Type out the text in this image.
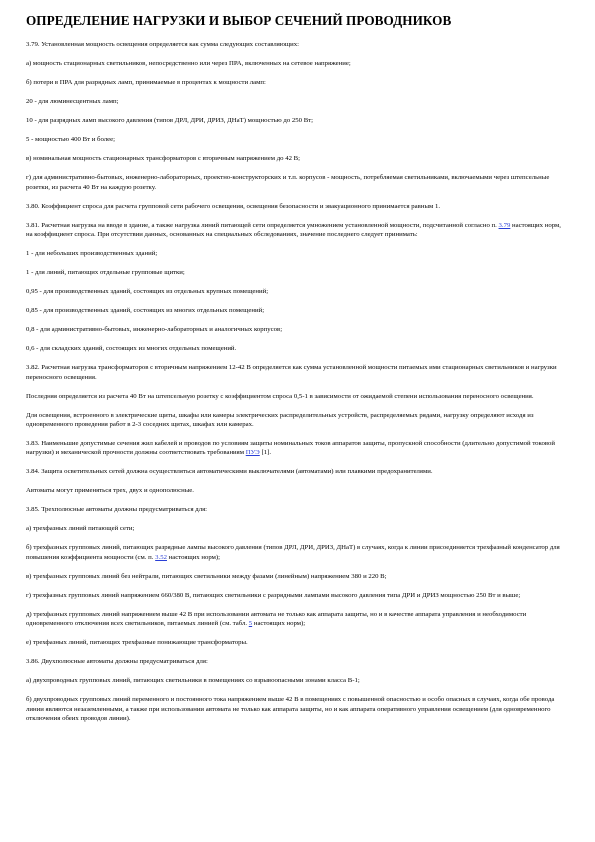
ОПРЕДЕЛЕНИЕ НАГРУЗКИ И ВЫБОР СЕЧЕНИЙ ПРОВОДНИКОВ

3.79. Установленная мощность освещения определяется как сумма следующих составляющих:

а) мощность стационарных светильников, непосредственно или через ПРА, включенных на сетевое напряжение;

б) потери в ПРА для разрядных ламп, принимаемые в процентах к мощности ламп:

20 - для люминесцентных ламп;

10 - для разрядных ламп высокого давления (типов ДРЛ, ДРИ, ДРИЗ, ДНаТ) мощностью до 250 Вт;

5 - мощностью 400 Вт и более;

в) номинальная мощность стационарных трансформаторов с вторичным напряжением до 42 В;

г) для административно-бытовых, инженерно-лабораторных, проектно-конструкторских и т.п. корпусов - мощность, потребляемая светильниками, включаемыми через штепсельные розетки, из расчета 40 Вт на каждую розетку.

3.80. Коэффициент спроса для расчета групповой сети рабочего освещения, освещения безопасности и эвакуационного принимается равным 1.

3.81. Расчетная нагрузка на вводе в здание, а также нагрузка линий питающей сети определяется умножением установленной мощности, подсчитанной согласно п. 3.79 настоящих норм, на коэффициент спроса. При отсутствии данных, основанных на специальных обследованиях, значение последнего следует принимать:

1 - для небольших производственных зданий;

1 - для линий, питающих отдельные групповые щитки;

0,95 - для производственных зданий, состоящих из отдельных крупных помещений;

0,85 - для производственных зданий, состоящих из многих отдельных помещений;

0,8 - для административно-бытовых, инженерно-лабораторных и аналогичных корпусов;

0,6 - для складских зданий, состоящих из многих отдельных помещений.

3.82. Расчетная нагрузка трансформаторов с вторичным напряжением 12-42 В определяется как сумма установленной мощности питаемых ими стационарных светильников и нагрузки переносного освещения.

Последняя определяется из расчета 40 Вт на штепсельную розетку с коэффициентом спроса 0,5-1 в зависимости от ожидаемой степени использования переносного освещения.

Для освещения, встроенного в электрические щиты, шкафы или камеры электрических распределительных устройств, распределяемых рядами, нагрузку определяют исходя из одновременного проведения работ в 2-3 соседних щитах, шкафах или камерах.

3.83. Наименьшие допустимые сечения жил кабелей и проводов по условиям защиты номинальных токов аппаратов защиты, пропускной способности (длительно допустимой токовой нагрузки) и механической прочности должны соответствовать требованиям ПУЭ [1].

3.84. Защита осветительных сетей должна осуществляться автоматическими выключателями (автоматами) или плавкими предохранителями.

Автоматы могут применяться трех, двух и однополюсные.

3.85. Трехполюсные автоматы должны предусматриваться для:

а) трехфазных линий питающей сети;

б) трехфазных групповых линий, питающих разрядные лампы высокого давления (типов ДРЛ, ДРИ, ДРИЗ, ДНаТ) в случаях, когда к линии присоединяется трехфазный конденсатор для повышения коэффициента мощности (см. п. 3.52 настоящих норм);

в) трехфазных групповых линий без нейтрали, питающих светильники между фазами (линейным) напряжением 380 и 220 В;

г) трехфазных групповых линий напряжением 660/380 В, питающих светильники с разрядными лампами высокого давления типа ДРИ и ДРИЗ мощностью 250 Вт и выше;

д) трехфазных групповых линий напряжением выше 42 В при использовании автомата не только как аппарата защиты, но и в качестве аппарата управления и необходимости одновременного отключения всех светильников, питаемых линией (см. табл. 5 настоящих норм);

е) трехфазных линий, питающих трехфазные понижающие трансформаторы.

3.86. Двухполюсные автоматы должны предусматриваться для:

а) двухпроводных групповых линий, питающих светильники в помещениях со взрывоопасными зонами класса В-1;

б) двухпроводных групповых линий переменного и постоянного тока напряжением выше 42 В в помещениях с повышенной опасностью и особо опасных в случаях, когда обе провода линии являются незаземленными, а также при использовании автомата не только как аппарата защиты, но и как аппарата оперативного управления освещением (для одновременного отключения обеих проводов линии).
